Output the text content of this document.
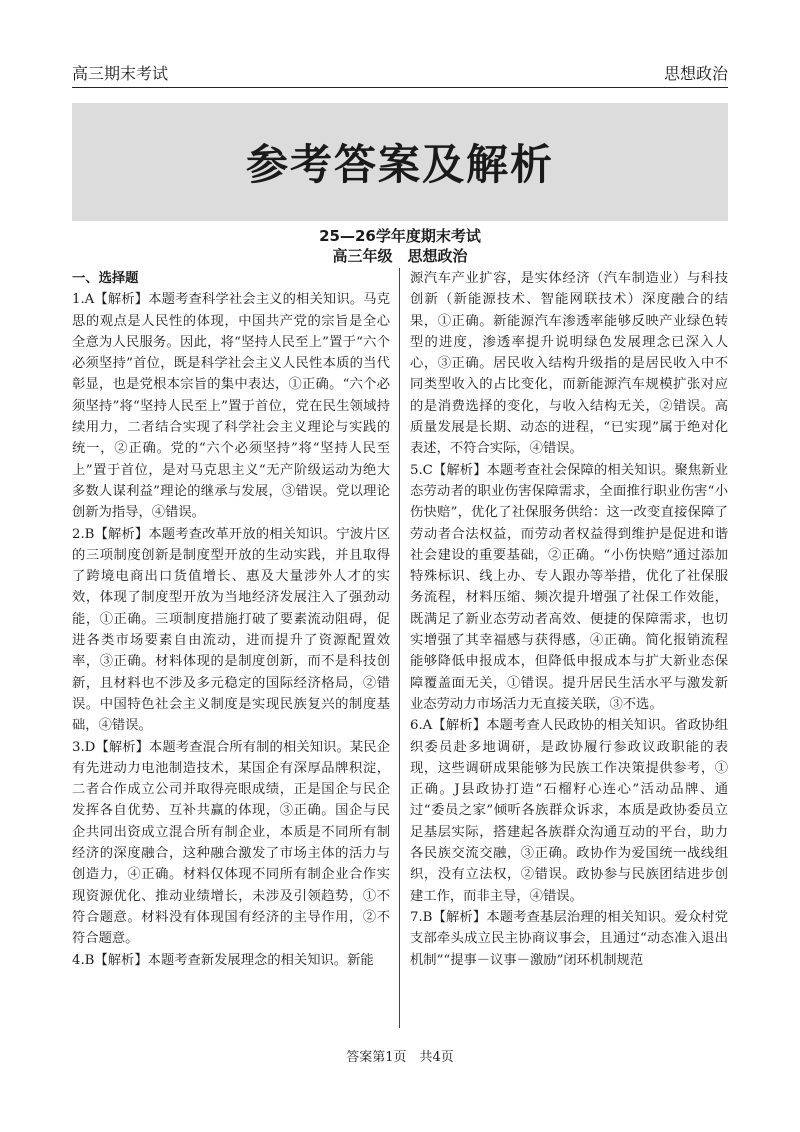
高三期末考试	思想政治
参考答案及解析
25—26学年度期末考试
高三年级　思想政治

一、选择题

1.A【解析】本题考查科学社会主义的相关知识。马克思的观点是人民性的体现，中国共产党的宗旨是全心全意为人民服务。因此，将“坚持人民至上”置于“六个必须坚持”首位，既是科学社会主义人民性本质的当代彰显，也是党根本宗旨的集中表达，①正确。“六个必须坚持”将“坚持人民至上”置于首位，党在民生领域持续用力，二者结合实现了科学社会主义理论与实践的统一，②正确。党的“六个必须坚持”将“坚持人民至上”置于首位，是对马克思主义“无产阶级运动为绝大多数人谋利益”理论的继承与发展，③错误。党以理论创新为指导，④错误。

2.B【解析】本题考查改革开放的相关知识。宁波片区的三项制度创新是制度型开放的生动实践，并且取得了跨境电商出口货值增长、惠及大量涉外人才的实效，体现了制度型开放为当地经济发展注入了强劲动能，①正确。三项制度措施打破了要素流动阻碍，促进各类市场要素自由流动，进而提升了资源配置效率，③正确。材料体现的是制度创新，而不是科技创新，且材料也不涉及多元稳定的国际经济格局，②错误。中国特色社会主义制度是实现民族复兴的制度基础，④错误。

3.D【解析】本题考查混合所有制的相关知识。某民企有先进动力电池制造技术，某国企有深厚品牌积淀，二者合作成立公司并取得亮眼成绩，正是国企与民企发挥各自优势、互补共赢的体现，③正确。国企与民企共同出资成立混合所有制企业，本质是不同所有制经济的深度融合，这种融合激发了市场主体的活力与创造力，④正确。材料仅体现不同所有制企业合作实现资源优化、推动业绩增长，未涉及引领趋势，①不符合题意。材料没有体现国有经济的主导作用，②不符合题意。

4.B【解析】本题考查新发展理念的相关知识。新能

源汽车产业扩容，是实体经济（汽车制造业）与科技创新（新能源技术、智能网联技术）深度融合的结果，①正确。新能源汽车渗透率能够反映产业绿色转型的进度，渗透率提升说明绿色发展理念已深入人心，③正确。居民收入结构升级指的是居民收入中不同类型收入的占比变化，而新能源汽车规模扩张对应的是消费选择的变化，与收入结构无关，②错误。高质量发展是长期、动态的进程，“已实现”属于绝对化表述，不符合实际，④错误。

5.C【解析】本题考查社会保障的相关知识。聚焦新业态劳动者的职业伤害保障需求，全面推行职业伤害“小伤快赔”，优化了社保服务供给：这一改变直接保障了劳动者合法权益，而劳动者权益得到维护是促进和谐社会建设的重要基础，②正确。“小伤快赔”通过添加特殊标识、线上办、专人跟办等举措，优化了社保服务流程，材料压缩、频次提升增强了社保工作效能，既满足了新业态劳动者高效、便捷的保障需求，也切实增强了其幸福感与获得感，④正确。简化报销流程能够降低申报成本，但降低申报成本与扩大新业态保障覆盖面无关，①错误。提升居民生活水平与激发新业态劳动力市场活力无直接关联，③不选。

6.A【解析】本题考查人民政协的相关知识。省政协组织委员赴多地调研，是政协履行参政议政职能的表现，这些调研成果能够为民族工作决策提供参考，①正确。J县政协打造“石榴籽心连心”活动品牌、通过“委员之家”倾听各族群众诉求，本质是政协委员立足基层实际，搭建起各族群众沟通互动的平台，助力各民族交流交融，③正确。政协作为爱国统一战线组织，没有立法权，②错误。政协参与民族团结进步创建工作，而非主导，④错误。

7.B【解析】本题考查基层治理的相关知识。爱众村党支部牵头成立民主协商议事会，且通过“动态准入退出机制”“提事－议事－激励”闭环机制规范

答案第1页　共4页
